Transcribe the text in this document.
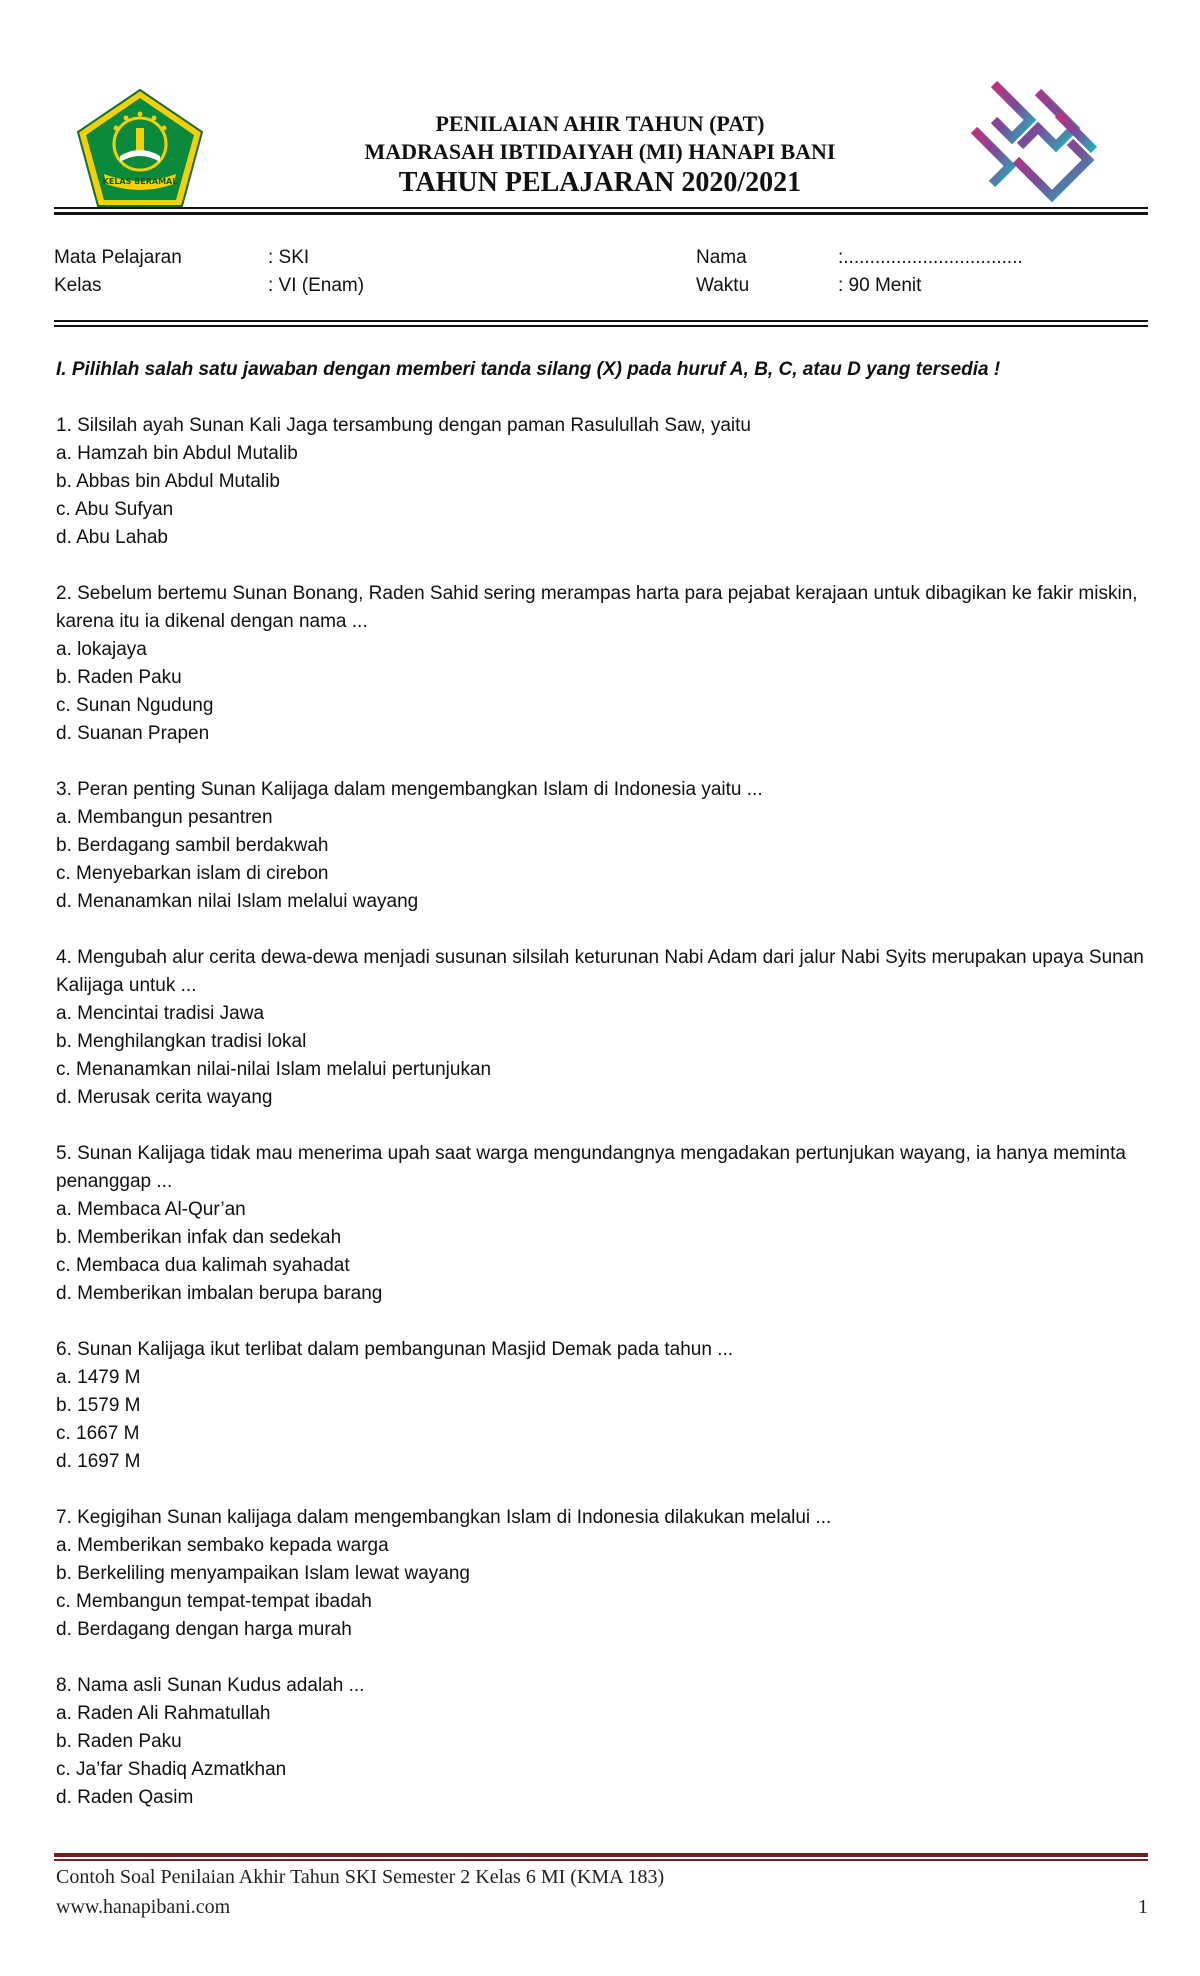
KELAS BERAMAL
PENILAIAN AHIR TAHUN (PAT)
MADRASAH IBTIDAIYAH (MI) HANAPI BANI
TAHUN PELAJARAN 2020/2021
Mata Pelajaran	: SKI
Kelas	: VI (Enam)
Nama	:..................................
Waktu	: 90 Menit

I. Pilihlah salah satu jawaban dengan memberi tanda silang (X) pada huruf A, B, C, atau D yang tersedia !

1. Silsilah ayah Sunan Kali Jaga tersambung dengan paman Rasulullah Saw, yaitu

a. Hamzah bin Abdul Mutalib

b. Abbas bin Abdul Mutalib

c. Abu Sufyan

d. Abu Lahab

2. Sebelum bertemu Sunan Bonang, Raden Sahid sering merampas harta para pejabat kerajaan untuk dibagikan ke fakir miskin, karena itu ia dikenal dengan nama ...

a. lokajaya

b. Raden Paku

c. Sunan Ngudung

d. Suanan Prapen

3. Peran penting Sunan Kalijaga dalam mengembangkan Islam di Indonesia yaitu ...

a. Membangun pesantren

b. Berdagang sambil berdakwah

c. Menyebarkan islam di cirebon

d. Menanamkan nilai Islam melalui wayang

4. Mengubah alur cerita dewa-dewa menjadi susunan silsilah keturunan Nabi Adam dari jalur Nabi Syits merupakan upaya Sunan Kalijaga untuk ...

a. Mencintai tradisi Jawa

b. Menghilangkan tradisi lokal

c. Menanamkan nilai-nilai Islam melalui pertunjukan

d. Merusak cerita wayang

5. Sunan Kalijaga tidak mau menerima upah saat warga mengundangnya mengadakan pertunjukan wayang, ia hanya meminta penanggap ...

a. Membaca Al-Qur’an

b. Memberikan infak dan sedekah

c. Membaca dua kalimah syahadat

d. Memberikan imbalan berupa barang

6. Sunan Kalijaga ikut terlibat dalam pembangunan Masjid Demak pada tahun ...

a. 1479 M

b. 1579 M

c. 1667 M

d. 1697 M

7. Kegigihan Sunan kalijaga dalam mengembangkan Islam di Indonesia dilakukan melalui ...

a. Memberikan sembako kepada warga

b. Berkeliling menyampaikan Islam lewat wayang

c. Membangun tempat-tempat ibadah

d. Berdagang dengan harga murah

8. Nama asli Sunan Kudus adalah ...

a. Raden Ali Rahmatullah

b. Raden Paku

c. Ja’far Shadiq Azmatkhan

d. Raden Qasim

Contoh Soal Penilaian Akhir Tahun SKI Semester 2 Kelas 6 MI (KMA 183)
www.hanapibani.com	1
